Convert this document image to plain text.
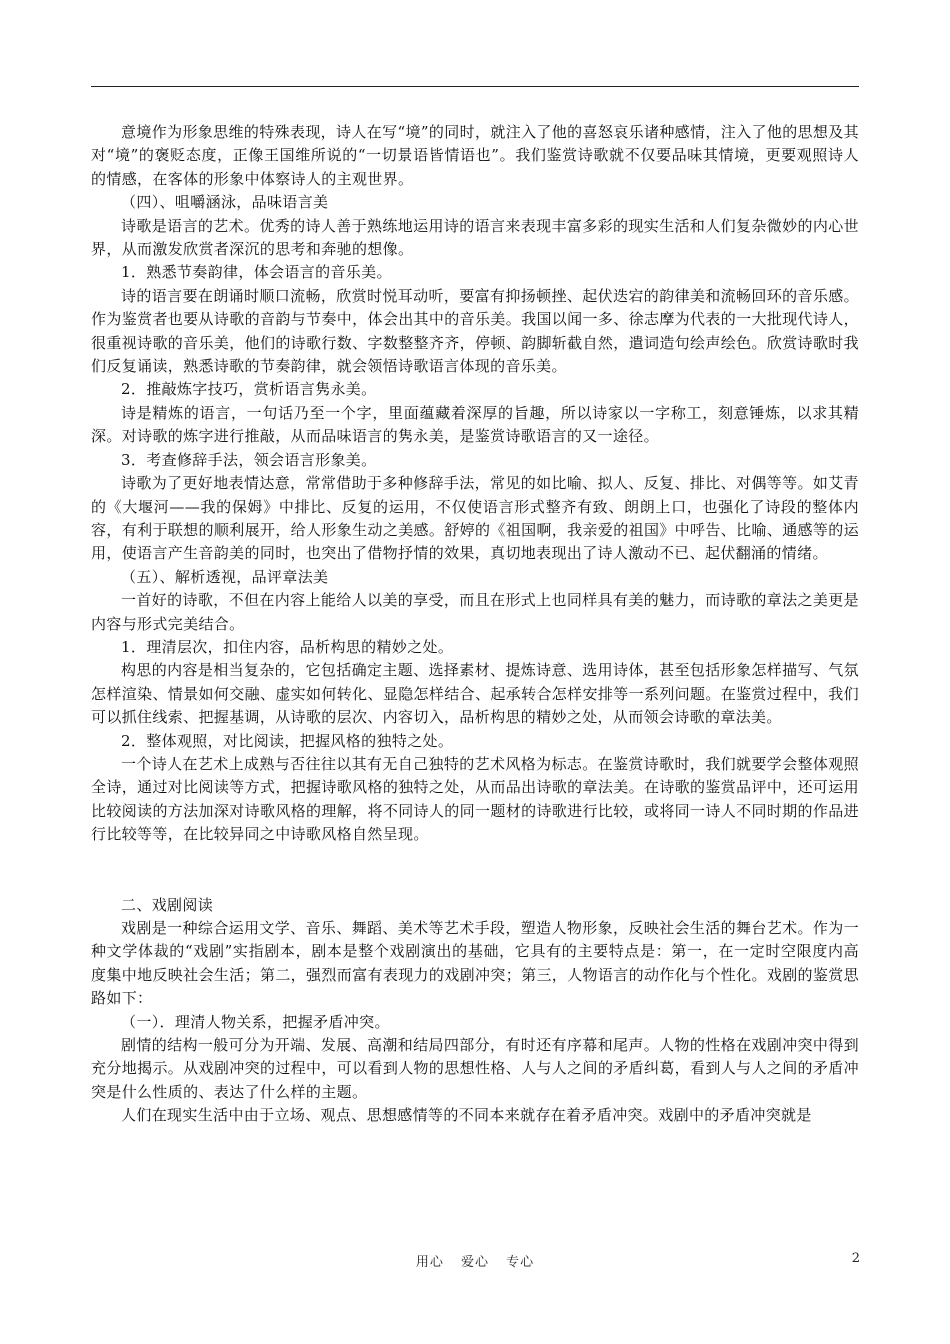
意境作为形象思维的特殊表现，诗人在写“境”的同时，就注入了他的喜怒哀乐诸种感情，注入了他的思想及其对“境”的褒贬态度，正像王国维所说的“一切景语皆情语也”。我们鉴赏诗歌就不仅要品味其情境，更要观照诗人的情感，在客体的形象中体察诗人的主观世界。

（四）、咀嚼涵泳，品味语言美

诗歌是语言的艺术。优秀的诗人善于熟练地运用诗的语言来表现丰富多彩的现实生活和人们复杂微妙的内心世界，从而激发欣赏者深沉的思考和奔驰的想像。

1．熟悉节奏韵律，体会语言的音乐美。

诗的语言要在朗诵时顺口流畅，欣赏时悦耳动听，要富有抑扬顿挫、起伏迭宕的韵律美和流畅回环的音乐感。作为鉴赏者也要从诗歌的音韵与节奏中，体会出其中的音乐美。我国以闻一多、徐志摩为代表的一大批现代诗人，很重视诗歌的音乐美，他们的诗歌行数、字数整整齐齐，停顿、韵脚斩截自然，遣词造句绘声绘色。欣赏诗歌时我们反复诵读，熟悉诗歌的节奏韵律，就会领悟诗歌语言体现的音乐美。

2．推敲炼字技巧，赏析语言隽永美。

诗是精炼的语言，一句话乃至一个字，里面蕴藏着深厚的旨趣，所以诗家以一字称工，刻意锤炼，以求其精深。对诗歌的炼字进行推敲，从而品味语言的隽永美，是鉴赏诗歌语言的又一途径。

3．考查修辞手法，领会语言形象美。

诗歌为了更好地表情达意，常常借助于多种修辞手法，常见的如比喻、拟人、反复、排比、对偶等等。如艾青的《大堰河——我的保姆》中排比、反复的运用，不仅使语言形式整齐有致、朗朗上口，也强化了诗段的整体内容，有利于联想的顺利展开，给人形象生动之美感。舒婷的《祖国啊，我亲爱的祖国》中呼告、比喻、通感等的运用，使语言产生音韵美的同时，也突出了借物抒情的效果，真切地表现出了诗人激动不已、起伏翻涌的情绪。

（五）、解析透视，品评章法美

一首好的诗歌，不但在内容上能给人以美的享受，而且在形式上也同样具有美的魅力，而诗歌的章法之美更是内容与形式完美结合。

1．理清层次，扣住内容，品析构思的精妙之处。

构思的内容是相当复杂的，它包括确定主题、选择素材、提炼诗意、选用诗体，甚至包括形象怎样描写、气氛怎样渲染、情景如何交融、虚实如何转化、显隐怎样结合、起承转合怎样安排等一系列问题。在鉴赏过程中，我们可以抓住线索、把握基调，从诗歌的层次、内容切入，品析构思的精妙之处，从而领会诗歌的章法美。

2．整体观照，对比阅读，把握风格的独特之处。

一个诗人在艺术上成熟与否往往以其有无自己独特的艺术风格为标志。在鉴赏诗歌时，我们就要学会整体观照全诗，通过对比阅读等方式，把握诗歌风格的独特之处，从而品出诗歌的章法美。在诗歌的鉴赏品评中，还可运用比较阅读的方法加深对诗歌风格的理解，将不同诗人的同一题材的诗歌进行比较，或将同一诗人不同时期的作品进行比较等等，在比较异同之中诗歌风格自然呈现。

二、戏剧阅读

戏剧是一种综合运用文学、音乐、舞蹈、美术等艺术手段，塑造人物形象，反映社会生活的舞台艺术。作为一种文学体裁的“戏剧”实指剧本，剧本是整个戏剧演出的基础，它具有的主要特点是：第一，在一定时空限度内高度集中地反映社会生活；第二，强烈而富有表现力的戏剧冲突；第三，人物语言的动作化与个性化。戏剧的鉴赏思路如下：

（一）．理清人物关系，把握矛盾冲突。

剧情的结构一般可分为开端、发展、高潮和结局四部分，有时还有序幕和尾声。人物的性格在戏剧冲突中得到充分地揭示。从戏剧冲突的过程中，可以看到人物的思想性格、人与人之间的矛盾纠葛，看到人与人之间的矛盾冲突是什么性质的、表达了什么样的主题。

人们在现实生活中由于立场、观点、思想感情等的不同本来就存在着矛盾冲突。戏剧中的矛盾冲突就是

用心 爱心 专心	2
